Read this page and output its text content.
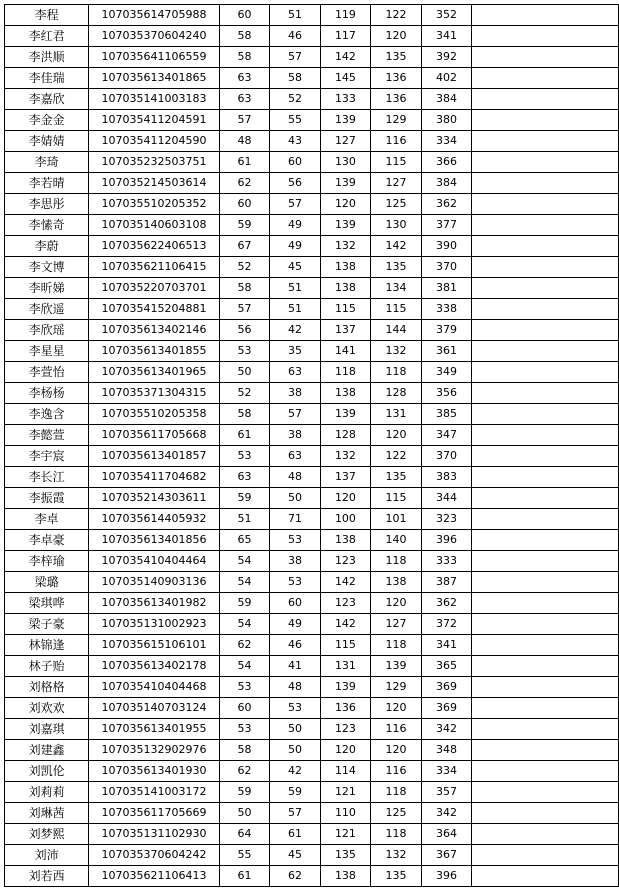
李程	107035614705988	60	51	119	122	352	
李红君	107035370604240	58	46	117	120	341	
李洪顺	107035641106559	58	57	142	135	392	
李佳瑞	107035613401865	63	58	145	136	402	
李嘉欣	107035141003183	63	52	133	136	384	
李金金	107035411204591	57	55	139	129	380	
李婧婧	107035411204590	48	43	127	116	334	
李琦	107035232503751	61	60	130	115	366	
李若晴	107035214503614	62	56	139	127	384	
李思彤	107035510205352	60	57	120	125	362	
李愫奇	107035140603108	59	49	139	130	377	
李蔚	107035622406513	67	49	132	142	390	
李文博	107035621106415	52	45	138	135	370	
李昕娣	107035220703701	58	51	138	134	381	
李欣遥	107035415204881	57	51	115	115	338	
李欣瑶	107035613402146	56	42	137	144	379	
李星星	107035613401855	53	35	141	132	361	
李萱怡	107035613401965	50	63	118	118	349	
李杨杨	107035371304315	52	38	138	128	356	
李逸含	107035510205358	58	57	139	131	385	
李懿萱	107035611705668	61	38	128	120	347	
李宇宸	107035613401857	53	63	132	122	370	
李长江	107035411704682	63	48	137	135	383	
李振霞	107035214303611	59	50	120	115	344	
李卓	107035614405932	51	71	100	101	323	
李卓豪	107035613401856	65	53	138	140	396	
李梓瑜	107035410404464	54	38	123	118	333	
梁璐	107035140903136	54	53	142	138	387	
梁琪哗	107035613401982	59	60	123	120	362	
梁子豪	107035131002923	54	49	142	127	372	
林锦逢	107035615106101	62	46	115	118	341	
林子贻	107035613402178	54	41	131	139	365	
刘格格	107035410404468	53	48	139	129	369	
刘欢欢	107035140703124	60	53	136	120	369	
刘嘉琪	107035613401955	53	50	123	116	342	
刘建鑫	107035132902976	58	50	120	120	348	
刘凯伦	107035613401930	62	42	114	116	334	
刘莉莉	107035141003172	59	59	121	118	357	
刘琳茜	107035611705669	50	57	110	125	342	
刘梦熙	107035131102930	64	61	121	118	364	
刘沛	107035370604242	55	45	135	132	367	
刘若西	107035621106413	61	62	138	135	396	
